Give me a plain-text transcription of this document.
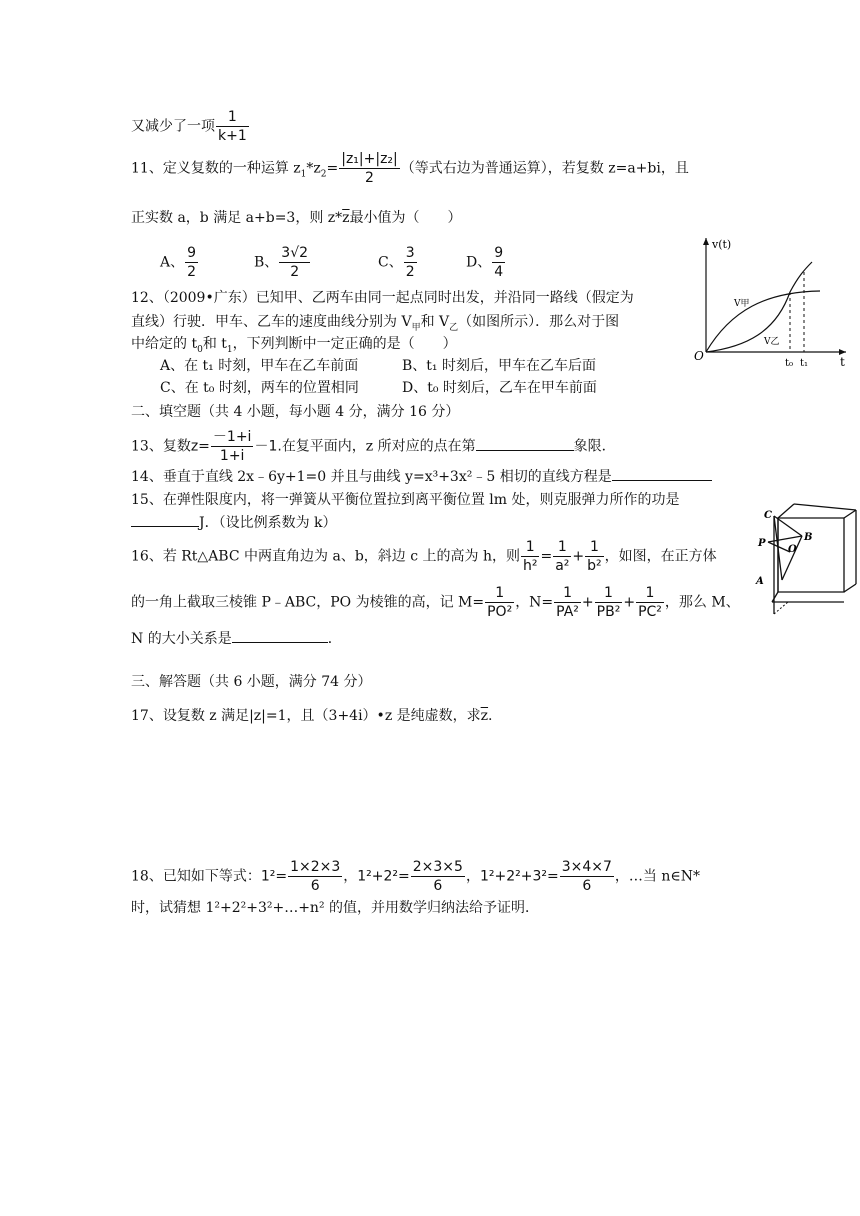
又减少了一项 $\frac{1}{k+1}$
11、定义复数的一种运算 $z_1*z_2= \frac{\text{|z₁|+|z₂|}}{2}$ （等式右边为普通运算），若复数 z=a+bi，且
正实数 a，b 满足 a+b=3，则 $z*\overline{z}$最小值为（　　）
A、 $\frac{9}{2}$	B、 $\frac{3√2}{2}$	C、 $\frac{3}{2}$	D、 $\frac{9}{4}$
12、（2009•广东）已知甲、乙两车由同一起点同时出发，并沿同一路线（假定为
直线）行驶．甲车、乙车的速度曲线分别为 $V_甲$和 $V_乙$（如图所示）．那么对于图
中给定的 $t_0$和 $t_1$，下列判断中一定正确的是（　　）
A、在 t₁ 时刻，甲车在乙车前面	B、t₁ 时刻后，甲车在乙车后面
C、在 t₀ 时刻，两车的位置相同	D、t₀ 时刻后，乙车在甲车前面
v(t)
t
O
V甲
V乙
t₀ t₁
二、填空题（共 4 小题，每小题 4 分，满分 16 分）
13、复数$z= \frac{-1+i}{1+i} -1$.在复平面内，z 所对应的点在第	象限．
14、垂直于直线 2x﹣6y+1=0 并且与曲线 y=x³+3x²﹣5 相切的直线方程是
15、在弹性限度内，将一弹簧从平衡位置拉到离平衡位置 lm 处，则克服弹力所作的功是
J．（设比例系数为 k）
16、若 Rt△ABC 中两直角边为 a、b，斜边 c 上的高为 h，则 $\frac{1}{\text{h²}} = \frac{1}{\text{a²}} + \frac{1}{\text{b²}}$ ，如图，在正方体
的一角上截取三棱锥 P﹣ABC，PO 为棱锥的高，记 $M= \frac{1}{\text{PO²}}$ ，$N= \frac{1}{\text{PA²}} + \frac{1}{\text{PB²}} + \frac{1}{\text{PC²}}$ ，那么 M、
N 的大小关系是	．
C
B
P
O
A
三、解答题（共 6 小题，满分 74 分）
17、设复数 z 满足|z|=1，且（3+4i）•z 是纯虚数，求$\overline{z}$.
18、已知如下等式：$1^2= \frac{1\times 2\times 3}{6}$ ，$1^2+2^2= \frac{2\times 3\times 5}{6}$ ，$1^2+2^2+3^2= \frac{3\times 4\times 7}{6}$ ，…当 n∈N*
时，试猜想 1²+2²+3²+…+n² 的值，并用数学归纳法给予证明．
